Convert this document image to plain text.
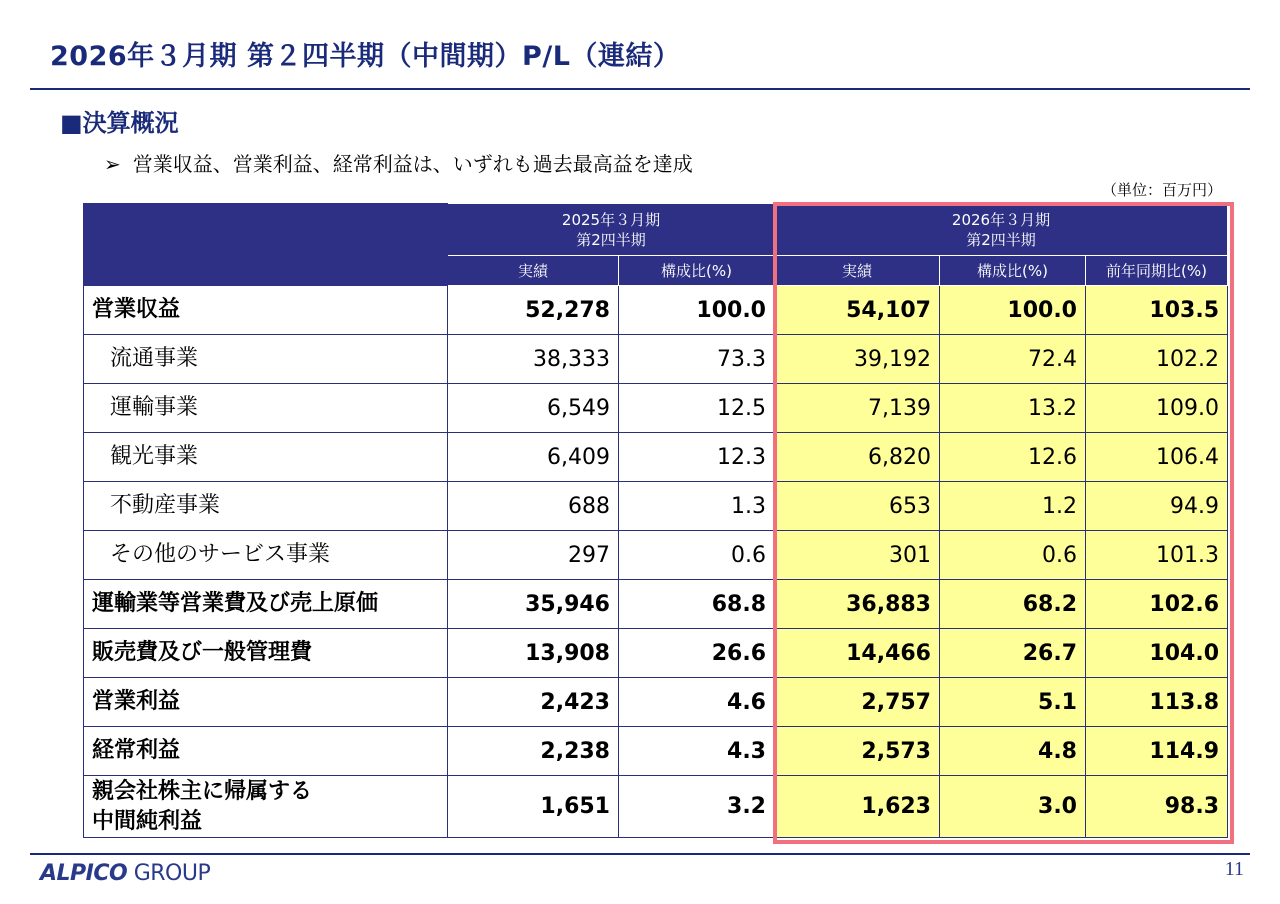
2026年３月期 第２四半期（中間期）P/L（連結）
■決算概況
➢ 営業収益、営業利益、経常利益は、いずれも過去最高益を達成
（単位：百万円）
	2025年３月期
第2四半期		2026年３月期
第2四半期		
	実績	構成比(%)	実績	構成比(%)	前年同期比(%)
営業収益	52,278	100.0	54,107	100.0	103.5
流通事業	38,333	73.3	39,192	72.4	102.2
運輸事業	6,549	12.5	7,139	13.2	109.0
観光事業	6,409	12.3	6,820	12.6	106.4
不動産事業	688	1.3	653	1.2	94.9
その他のサービス事業	297	0.6	301	0.6	101.3
運輸業等営業費及び売上原価	35,946	68.8	36,883	68.2	102.6
販売費及び一般管理費	13,908	26.6	14,466	26.7	104.0
営業利益	2,423	4.6	2,757	5.1	113.8
経常利益	2,238	4.3	2,573	4.8	114.9
親会社株主に帰属する
中間純利益	1,651	3.2	1,623	3.0	98.3
ALPICO GROUP	11
